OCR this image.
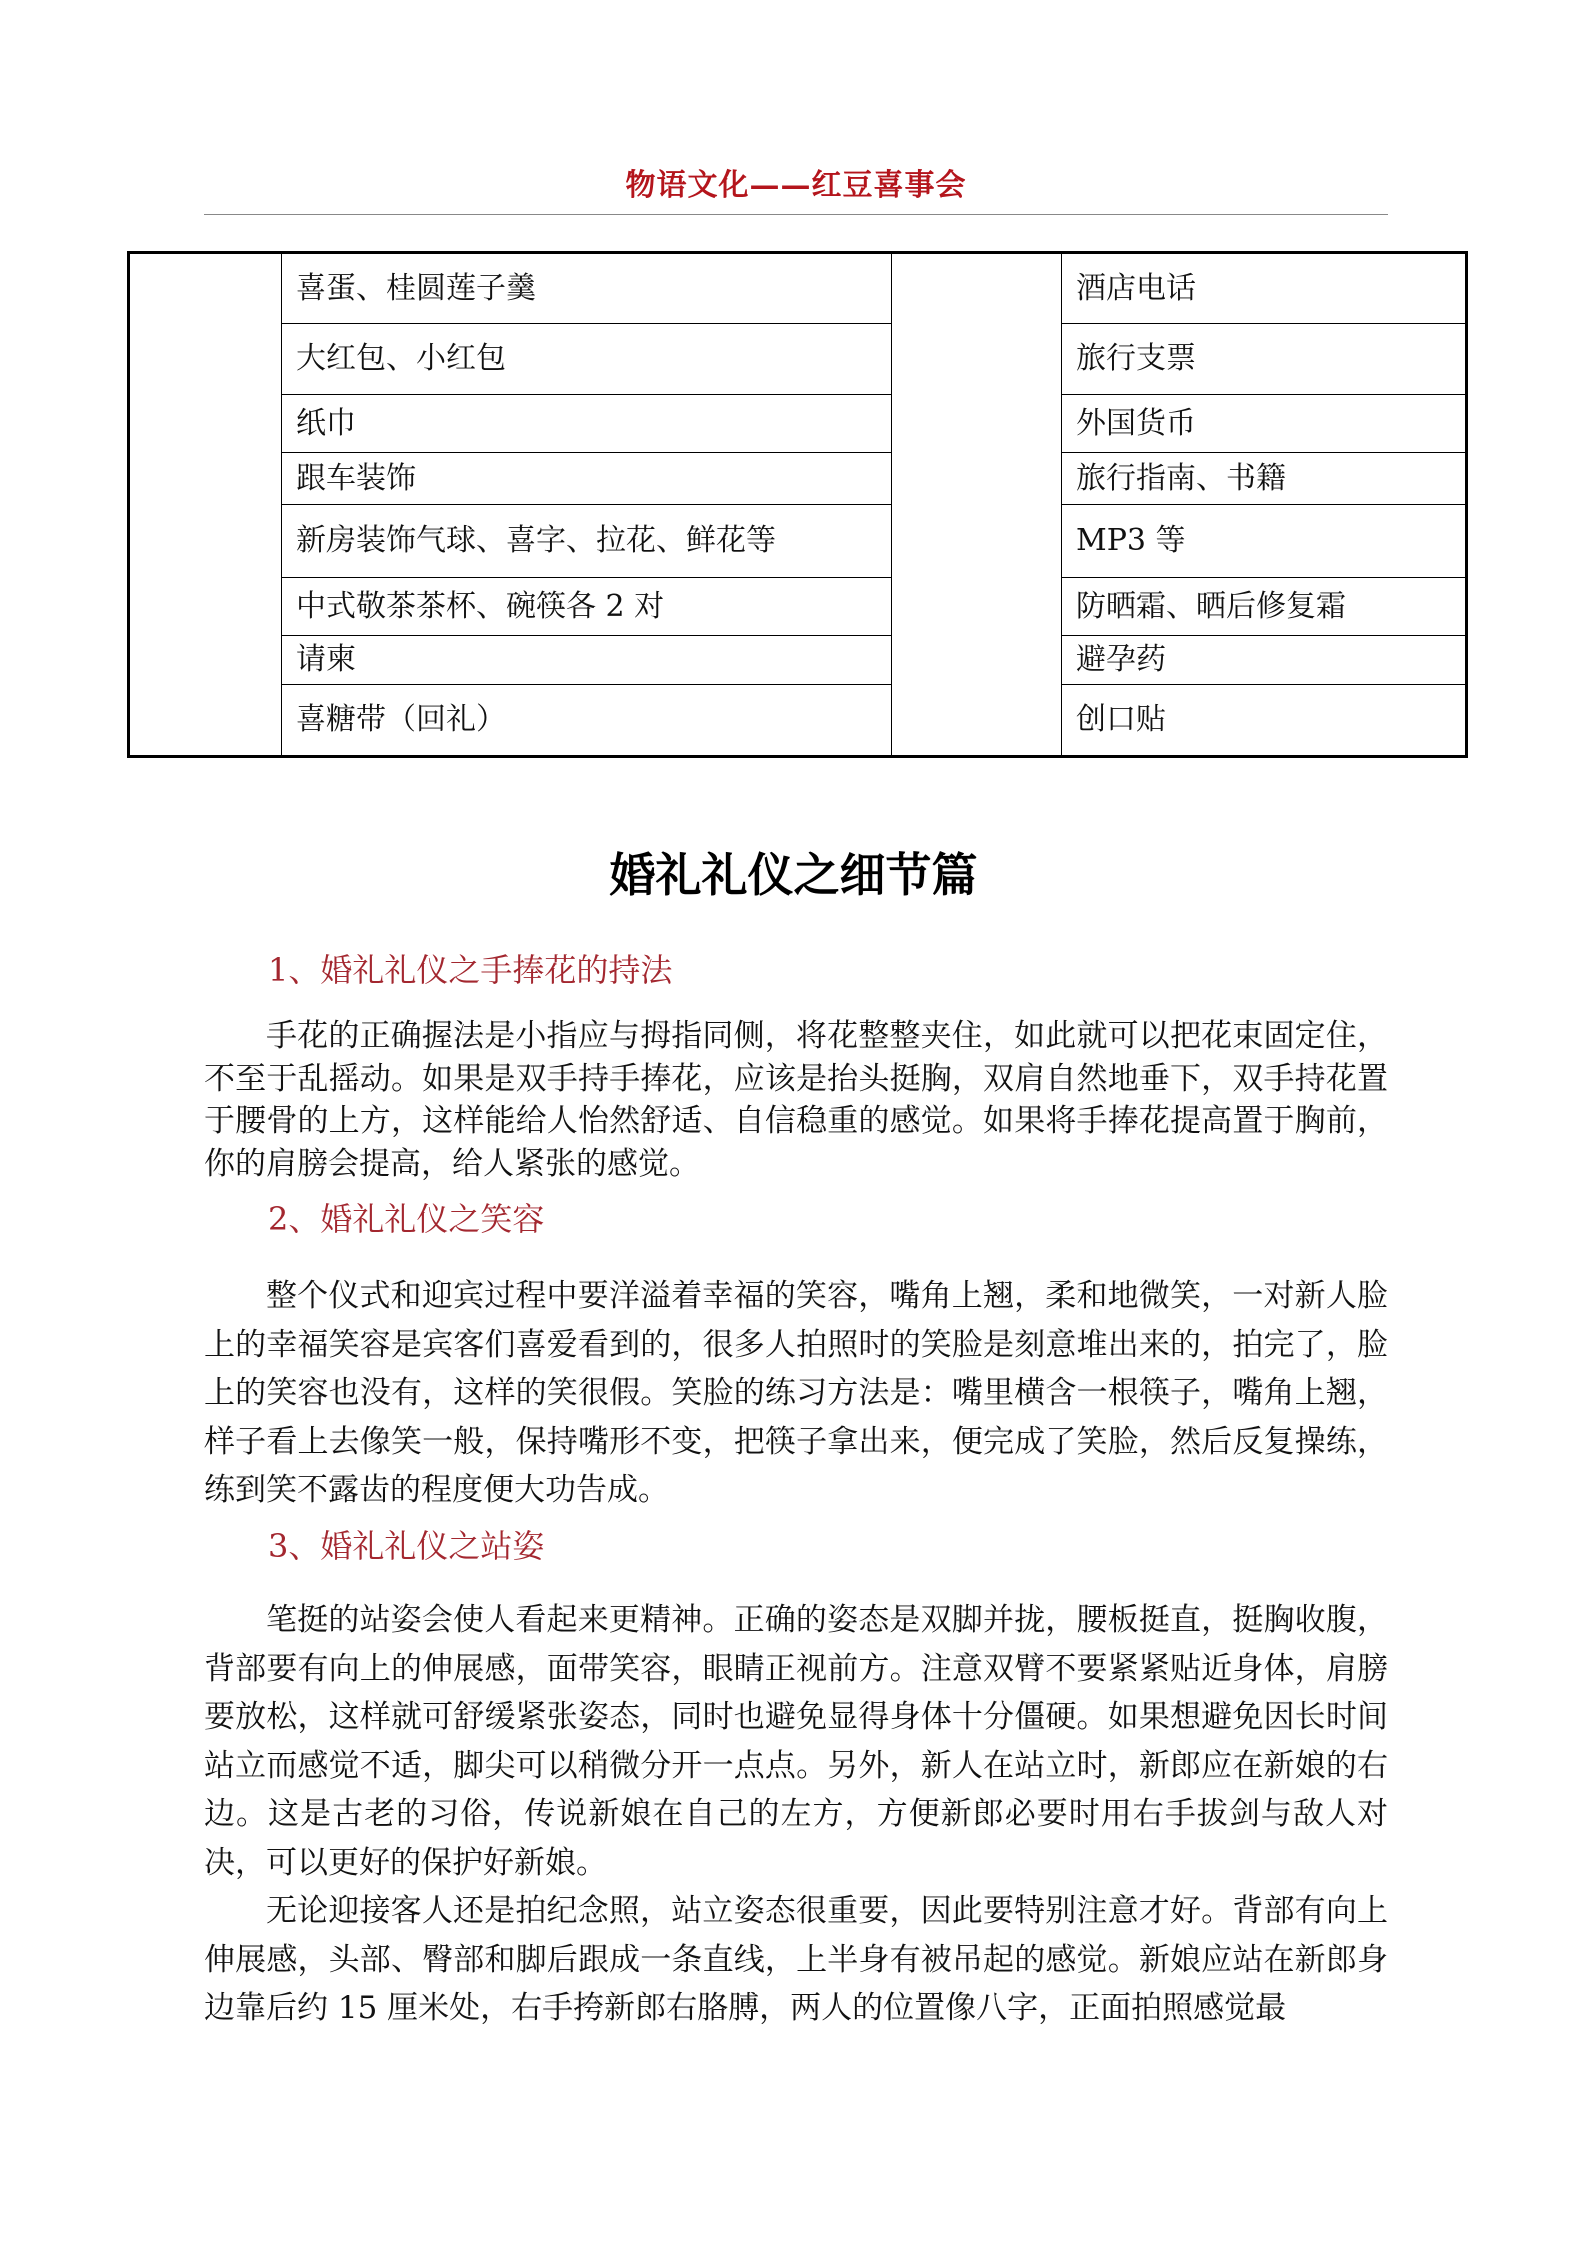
物语文化——红豆喜事会
	喜蛋、桂圆莲子羹		酒店电话
	大红包、小红包		旅行支票
	纸巾		外国货币
	跟车装饰		旅行指南、书籍
	新房装饰气球、喜字、拉花、鲜花等		MP3 等
	中式敬茶茶杯、碗筷各 2 对		防晒霜、晒后修复霜
	请柬		避孕药
	喜糖带（回礼）		创口贴
婚礼礼仪之细节篇
1、婚礼礼仪之手捧花的持法

手花的正确握法是小指应与拇指同侧，将花整整夹住，如此就可以把花束固定住，不至于乱摇动。如果是双手持手捧花，应该是抬头挺胸，双肩自然地垂下，双手持花置于腰骨的上方，这样能给人怡然舒适、自信稳重的感觉。如果将手捧花提高置于胸前，你的肩膀会提高，给人紧张的感觉。

2、婚礼礼仪之笑容

整个仪式和迎宾过程中要洋溢着幸福的笑容，嘴角上翘，柔和地微笑，一对新人脸上的幸福笑容是宾客们喜爱看到的，很多人拍照时的笑脸是刻意堆出来的，拍完了，脸上的笑容也没有，这样的笑很假。笑脸的练习方法是：嘴里横含一根筷子，嘴角上翘，样子看上去像笑一般，保持嘴形不变，把筷子拿出来，便完成了笑脸，然后反复操练，练到笑不露齿的程度便大功告成。

3、婚礼礼仪之站姿

笔挺的站姿会使人看起来更精神。正确的姿态是双脚并拢，腰板挺直，挺胸收腹，背部要有向上的伸展感，面带笑容，眼睛正视前方。注意双臂不要紧紧贴近身体，肩膀要放松，这样就可舒缓紧张姿态，同时也避免显得身体十分僵硬。如果想避免因长时间站立而感觉不适，脚尖可以稍微分开一点点。另外，新人在站立时，新郎应在新娘的右边。这是古老的习俗，传说新娘在自己的左方，方便新郎必要时用右手拔剑与敌人对决，可以更好的保护好新娘。

无论迎接客人还是拍纪念照，站立姿态很重要，因此要特别注意才好。背部有向上伸展感，头部、臀部和脚后跟成一条直线，上半身有被吊起的感觉。新娘应站在新郎身边靠后约 15 厘米处，右手挎新郎右胳膊，两人的位置像八字，正面拍照感觉最
